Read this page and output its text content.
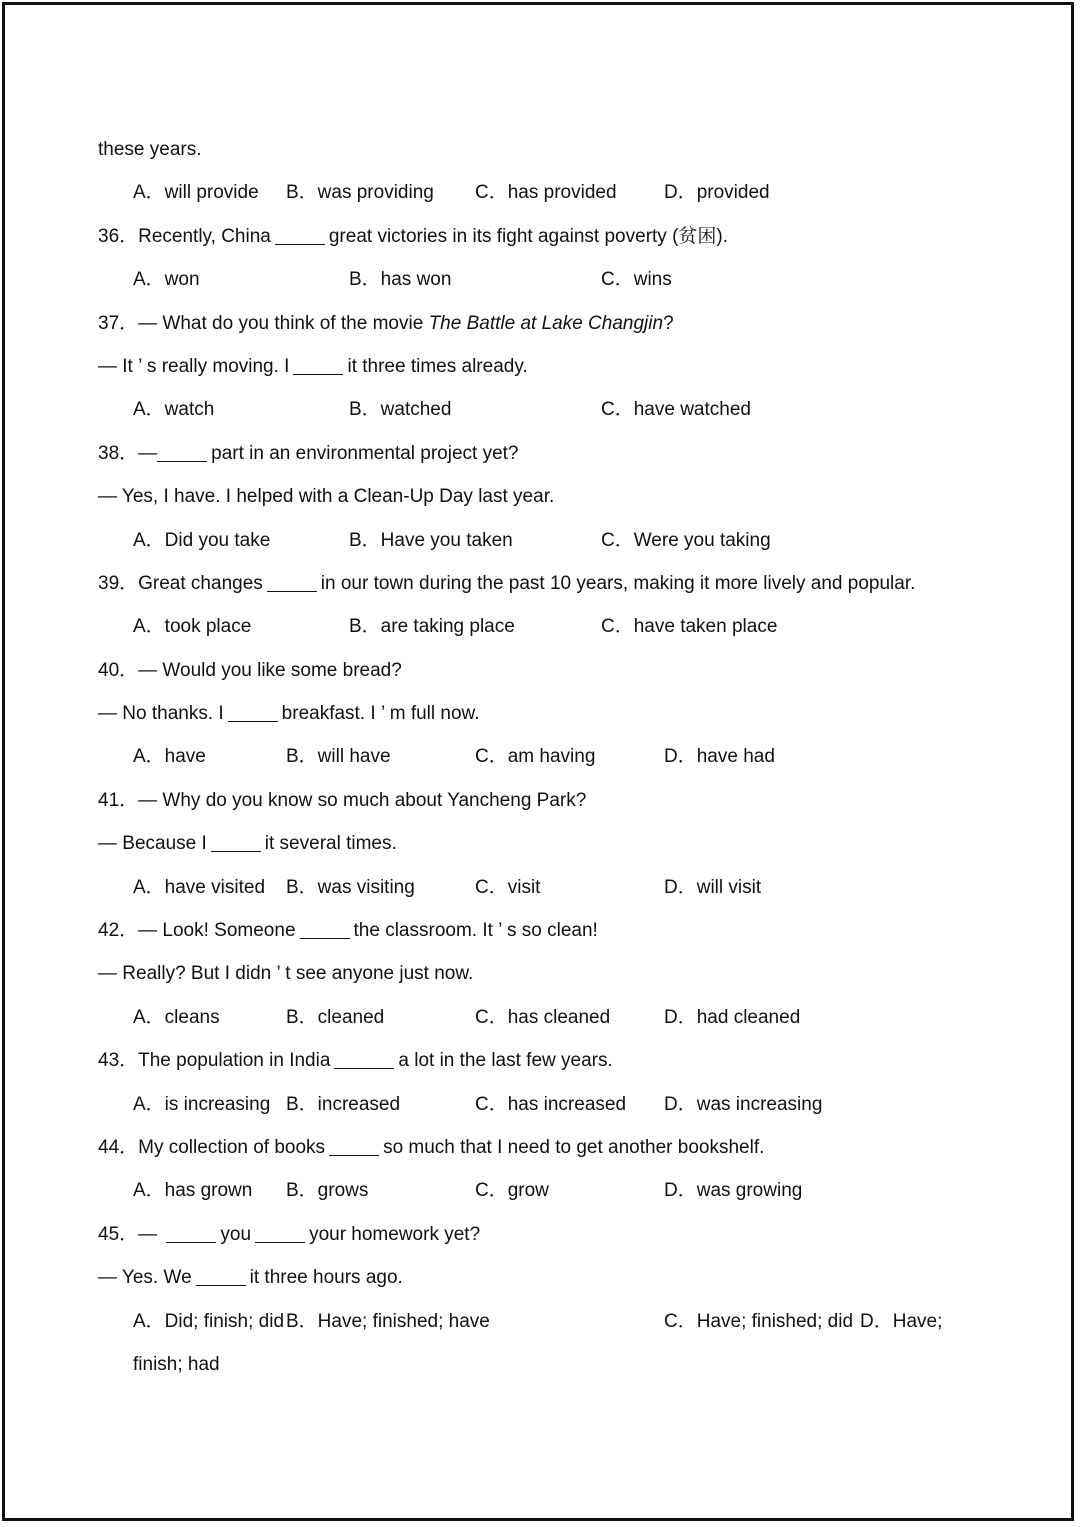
these years.
A．will provide B．was providing C．has provided D．provided
36．Recently, China	great victories in its fight against poverty (贫困).
A．won	B．has won	C．wins
37．— What do you think of the movie The Battle at Lake Changjin?
— It ’ s really moving. I	it three times already.
A．watch	B．watched	C．have watched
38．—	part in an environmental project yet?
— Yes, I have. I helped with a Clean-Up Day last year.
A．Did you take	B．Have you taken	C．Were you taking
39．Great changes	in our town during the past 10 years, making it more lively and popular.
A．took place	B．are taking place	C．have taken place
40．— Would you like some bread?
— No thanks. I	breakfast. I ’ m full now.
A．have	B．will have	C．am having	D．have had
41．— Why do you know so much about Yancheng Park?
— Because I	it several times.
A．have visited B．was visiting	C．visit	D．will visit
42．— Look! Someone	the classroom. It ’ s so clean!
— Really? But I didn ’ t see anyone just now.
A．cleans	B．cleaned	C．has cleaned	D．had cleaned
43．The population in India	a lot in the last few years.
A．is increasing B．increased	C．has increased D．was increasing
44．My collection of books	so much that I need to get another bookshelf.
A．has grown B．grows	C．grow	D．was growing
45．—	you	your homework yet?
— Yes. We	it three hours ago.
A．Did; finish; did B．Have; finished; have	C．Have; finished; did D．Have;
finish; had
